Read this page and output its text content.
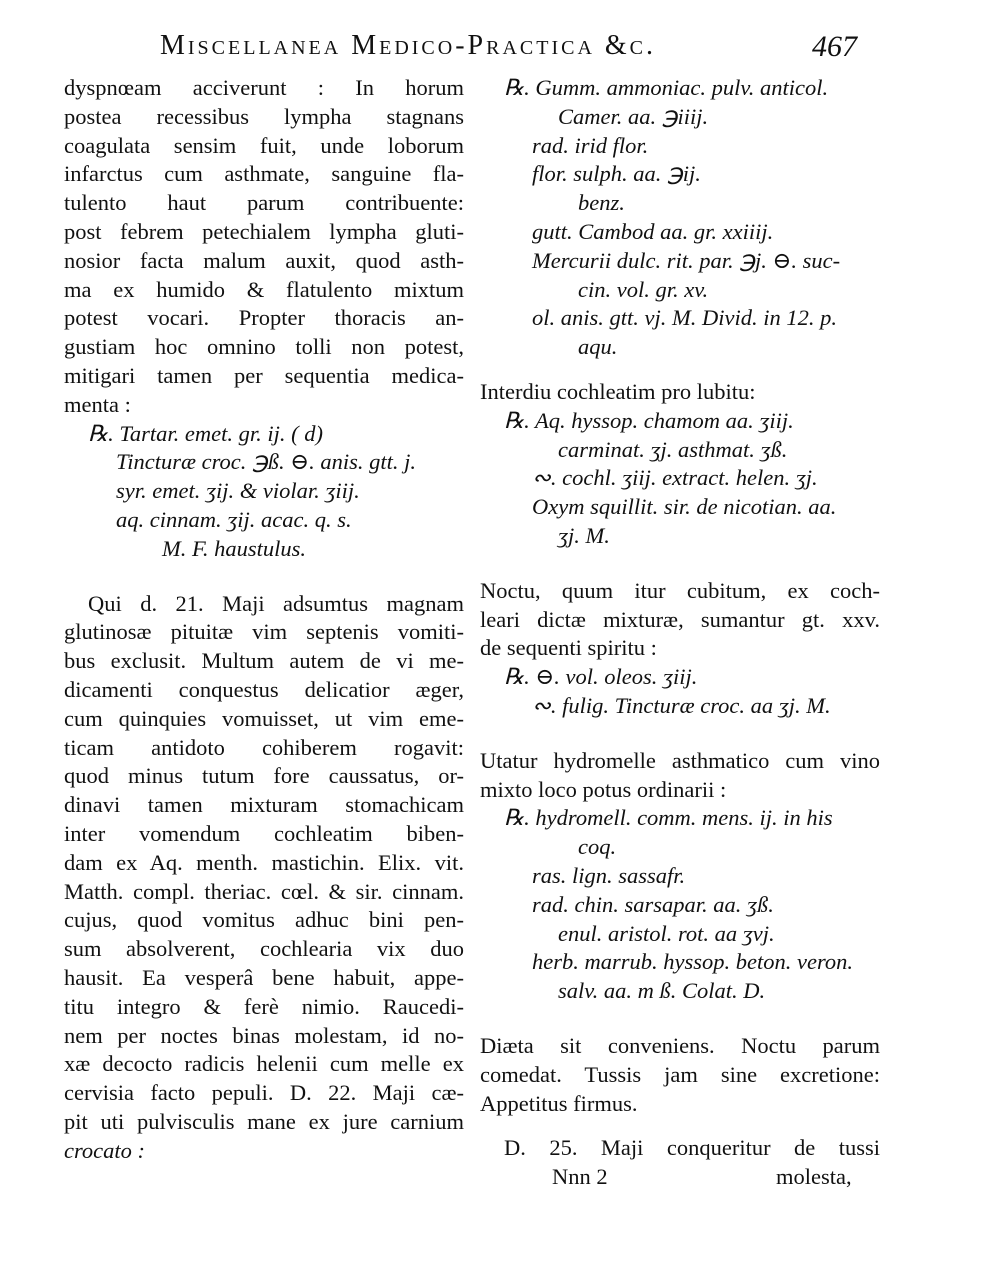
Miscellanea Medico-Practica &c.	467
dyspnœam acciverunt : In horum
postea recessibus lympha stagnans
coagulata sensim fuit, unde loborum
infarctus cum asthmate, sanguine fla-
tulento haut parum contribuente:
post febrem petechialem lympha gluti-
nosior facta malum auxit, quod asth-
ma ex humido & flatulento mixtum
potest vocari. Propter thoracis an-
gustiam hoc omnino tolli non potest,
mitigari tamen per sequentia medica-
menta :
℞. Tartar. emet. gr. ij. ( d)
Tincturæ croc. ℈ß. ⊖. anis. gtt. j.
syr. emet. ʒij. & violar. ʒiij.
aq. cinnam. ʒij. acac. q. s.
M. F. haustulus.
Qui d. 21. Maji adsumtus magnam
glutinosæ pituitæ vim septenis vomiti-
bus exclusit. Multum autem de vi me-
dicamenti conquestus delicatior æger,
cum quinquies vomuisset, ut vim eme-
ticam antidoto cohiberem rogavit:
quod minus tutum fore caussatus, or-
dinavi tamen mixturam stomachicam
inter vomendum cochleatim biben-
dam ex Aq. menth. mastichin. Elix. vit.
Matth. compl. theriac. cœl. & sir. cinnam.
cujus, quod vomitus adhuc bini pen-
sum absolverent, cochlearia vix duo
hausit. Ea vesperâ bene habuit, appe-
titu integro & ferè nimio. Raucedi-
nem per noctes binas molestam, id no-
xæ decocto radicis helenii cum melle ex
cervisia facto pepuli. D. 22. Maji cæ-
pit uti pulvisculis mane ex jure carnium
crocato :
℞. Gumm. ammoniac. pulv. anticol.
Camer. aa. ℈iiij.
rad. irid flor.
flor. sulph. aa. ℈ij.
benz.
gutt. Cambod aa. gr. xxiiij.
Mercurii dulc. rit. par. ℈j. ⊖. suc-
cin. vol. gr. xv.
ol. anis. gtt. vj. M. Divid. in 12. p.
aqu.
Interdiu cochleatim pro lubitu:
℞. Aq. hyssop. chamom aa. ʒiij.
carminat. ʒj. asthmat. ʒß.
∾. cochl. ʒiij. extract. helen. ʒj.
Oxym squillit. sir. de nicotian. aa.
ʒj. M.
Noctu, quum itur cubitum, ex coch-
leari dictæ mixturæ, sumantur gt. xxv.
de sequenti spiritu :
℞. ⊖. vol. oleos. ʒiij.
∾. fulig. Tincturæ croc. aa ʒj. M.
Utatur hydromelle asthmatico cum vino
mixto loco potus ordinarii :
℞. hydromell. comm. mens. ij. in his
coq.
ras. lign. sassafr.
rad. chin. sarsapar. aa. ʒß.
enul. aristol. rot. aa ʒvj.
herb. marrub. hyssop. beton. veron.
salv. aa. m ß. Colat. D.
Diæta sit conveniens. Noctu parum
comedat. Tussis jam sine excretione:
Appetitus firmus.
D. 25. Maji conqueritur de tussi
Nnn 2	molesta,
